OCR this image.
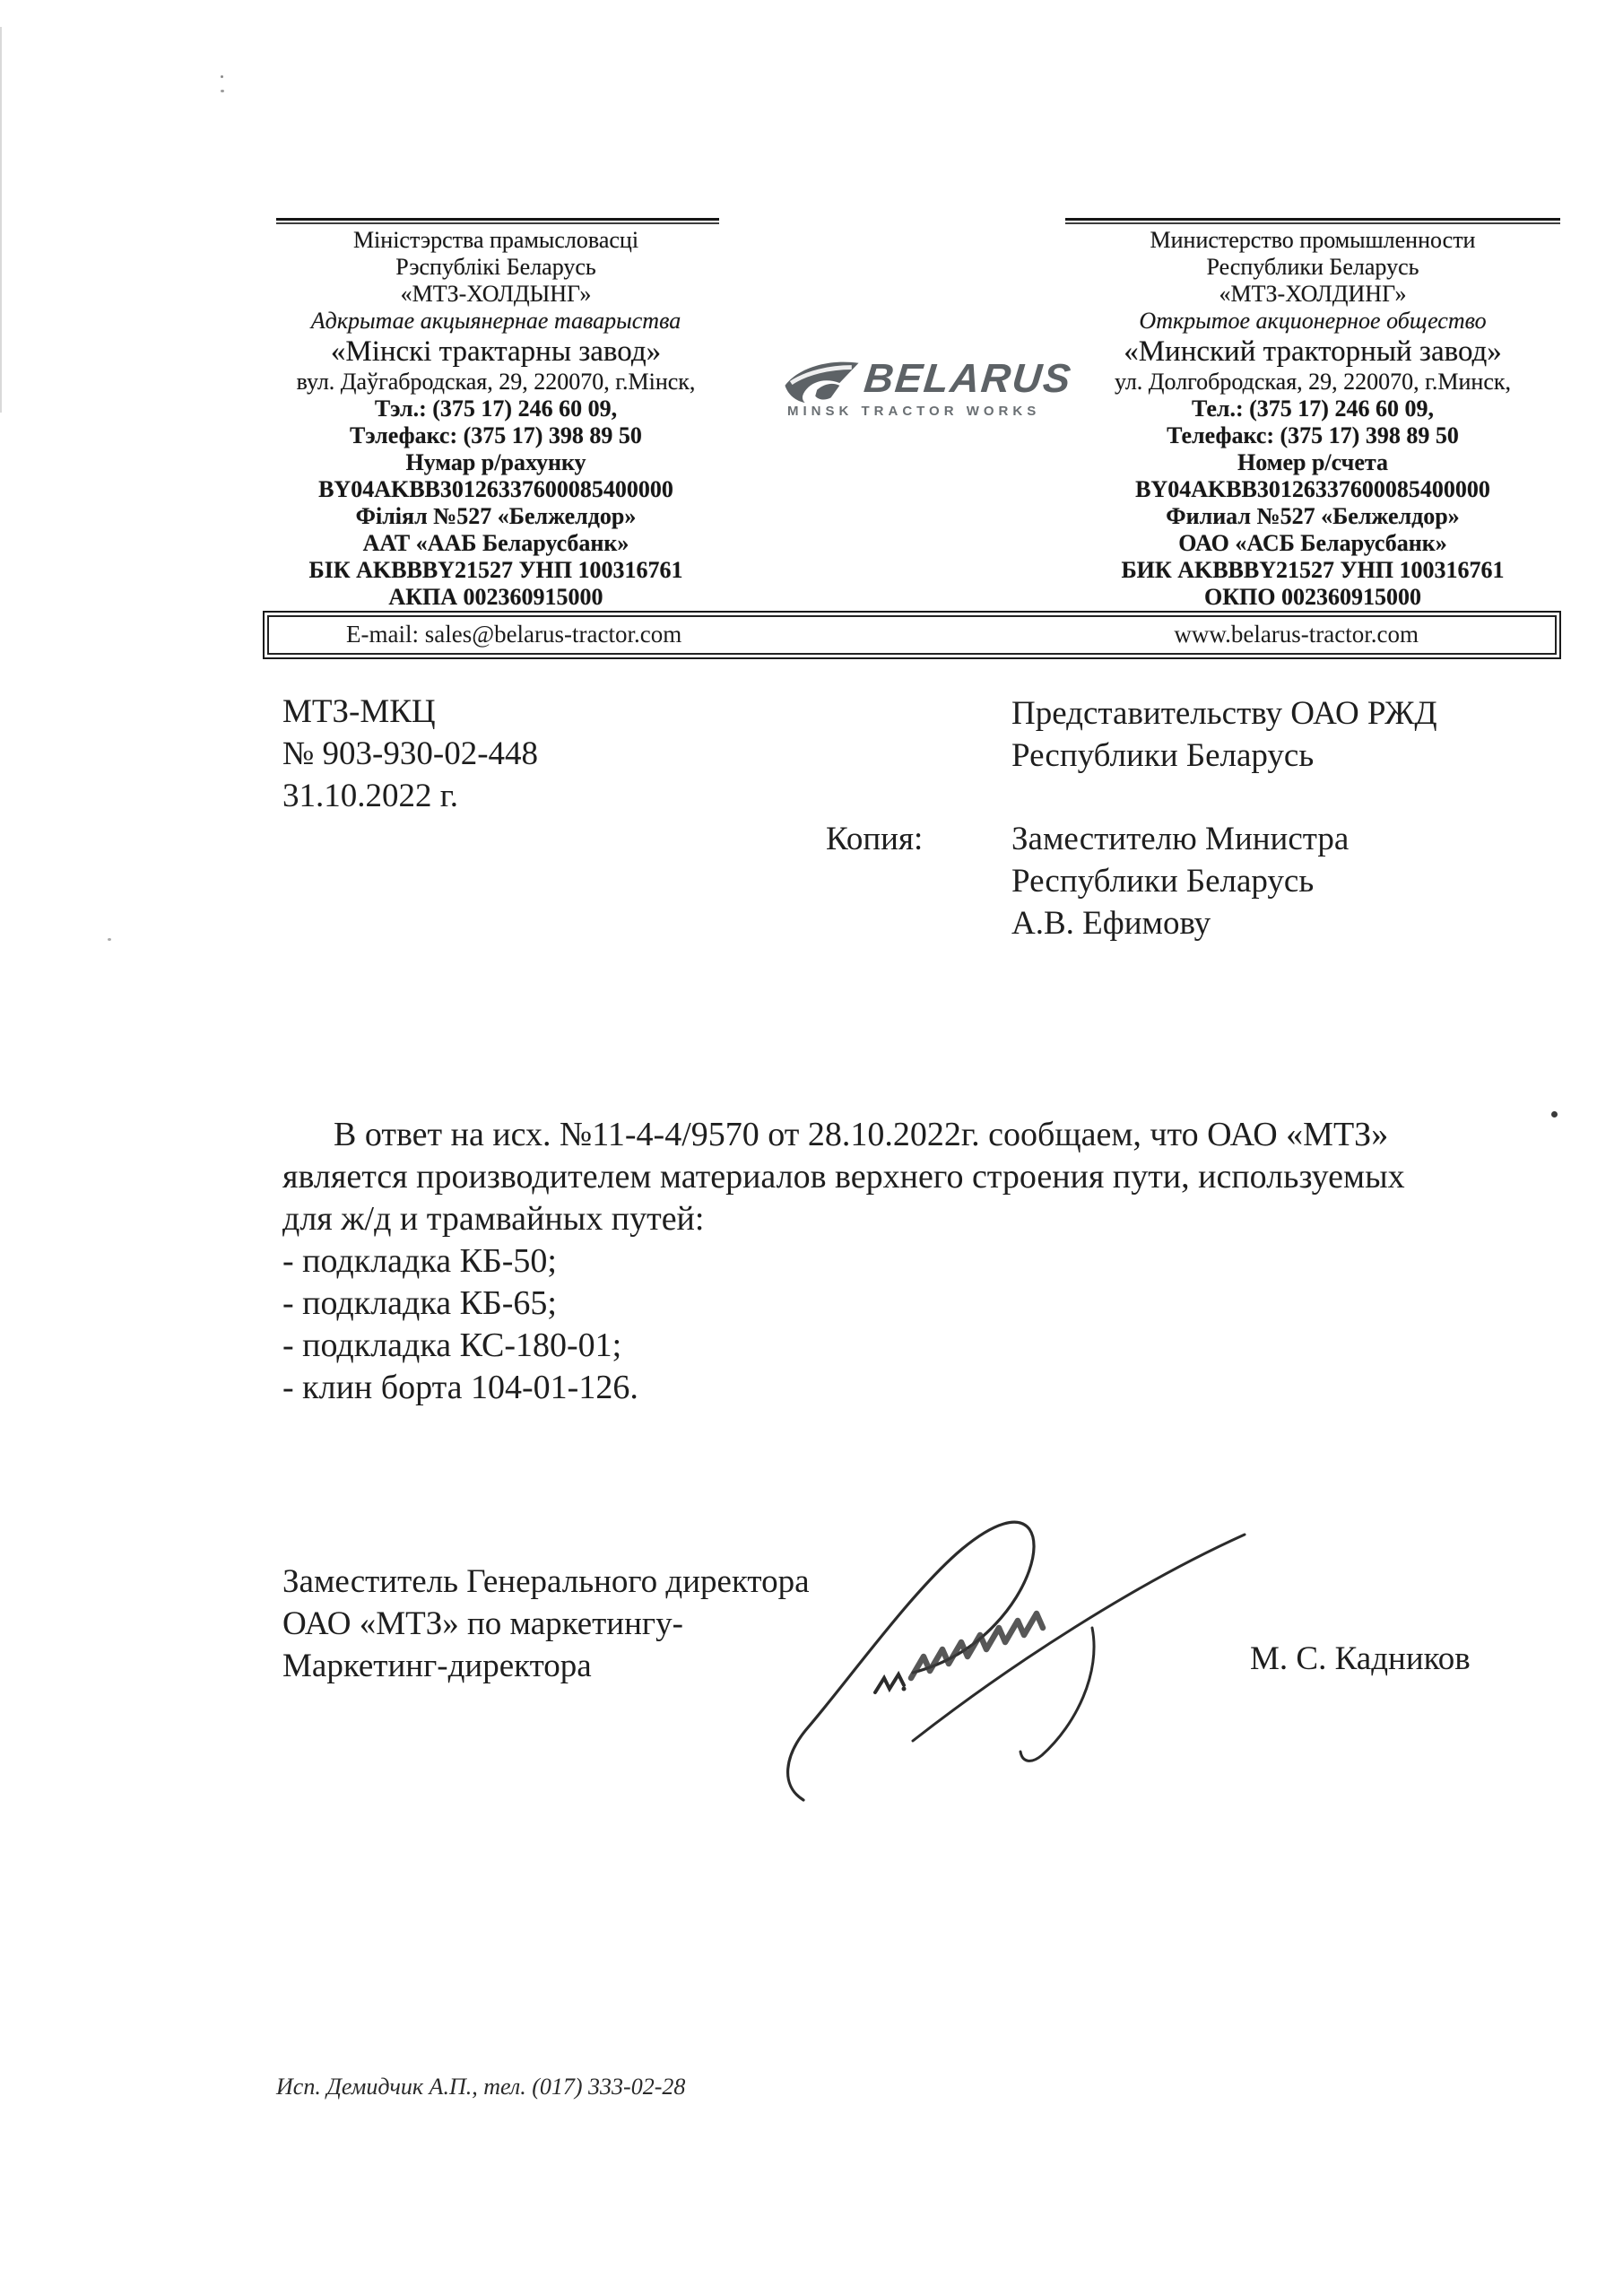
Міністэрства прамысловасці
Рэспублікі Беларусь
«МТЗ-ХОЛДЫНГ»
Адкрытае акцыянернае таварыства
«Мінскі трактарны завод»
вул. Даўгабродская, 29, 220070, г.Мінск,
Тэл.: (375 17) 246 60 09,
Тэлефакс: (375 17) 398 89 50
Нумар р/рахунку
BY04AKBB30126337600085400000
Філіял №527 «Белжелдор»
ААТ «ААБ Беларусбанк»
БІК AKBBBY21527 УНП 100316761
АКПА 002360915000
Министерство промышленности
Республики Беларусь
«МТЗ-ХОЛДИНГ»
Открытое акционерное общество
«Минский тракторный завод»
ул. Долгобродская, 29, 220070, г.Минск,
Тел.: (375 17) 246 60 09,
Телефакс: (375 17) 398 89 50
Номер р/счета
BY04AKBB30126337600085400000
Филиал №527 «Белжелдор»
ОАО «АСБ Беларусбанк»
БИК AKBBBY21527 УНП 100316761
ОКПО 002360915000
BELARUS
MINSK TRACTOR WORKS
E-mail: sales@belarus-tractor.com	www.belarus-tractor.com
МТЗ-МКЦ
№ 903-930-02-448
31.10.2022 г.
Представительству ОАО РЖД
Республики Беларусь
Копия:	Заместителю Министра
Республики Беларусь
А.В. Ефимову
В ответ на исх. №11-4-4/9570 от 28.10.2022г. сообщаем, что ОАО «МТЗ»
является производителем материалов верхнего строения пути, используемых
для ж/д и трамвайных путей:
- подкладка КБ-50;
- подкладка КБ-65;
- подкладка КС-180-01;
- клин борта 104-01-126.
Заместитель Генерального директора
ОАО «МТЗ» по маркетингу-
Маркетинг-директора	М. С. Кадников
Исп. Демидчик А.П., тел. (017) 333-02-28
